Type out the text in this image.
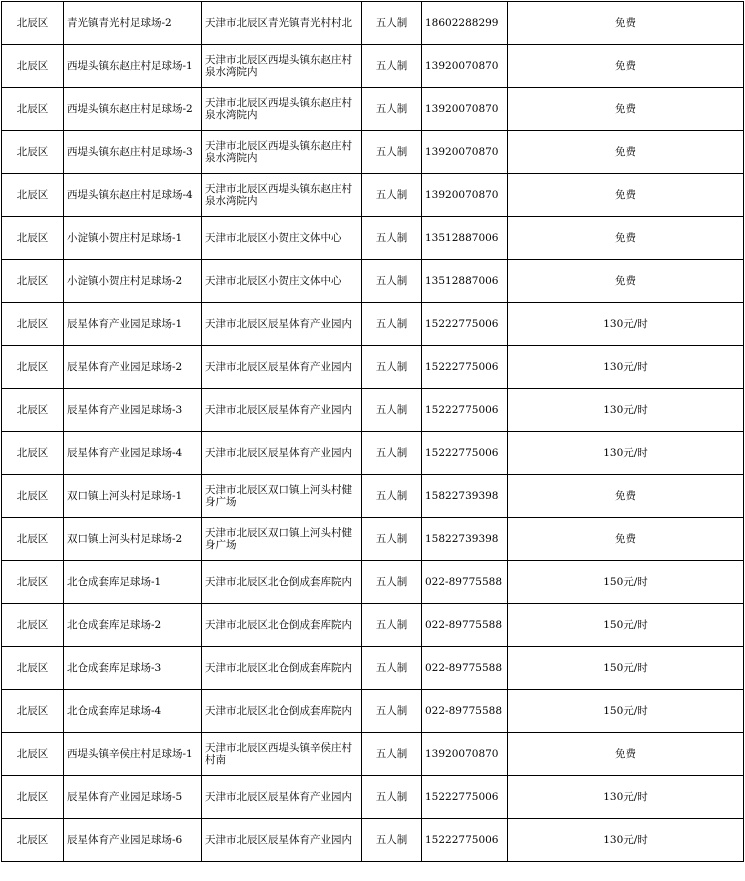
北辰区	青光镇青光村足球场-2	天津市北辰区青光镇青光村村北	五人制	18602288299	免费
北辰区	西堤头镇东赵庄村足球场-1	天津市北辰区西堤头镇东赵庄村泉水湾院内	五人制	13920070870	免费
北辰区	西堤头镇东赵庄村足球场-2	天津市北辰区西堤头镇东赵庄村泉水湾院内	五人制	13920070870	免费
北辰区	西堤头镇东赵庄村足球场-3	天津市北辰区西堤头镇东赵庄村泉水湾院内	五人制	13920070870	免费
北辰区	西堤头镇东赵庄村足球场-4	天津市北辰区西堤头镇东赵庄村泉水湾院内	五人制	13920070870	免费
北辰区	小淀镇小贺庄村足球场-1	天津市北辰区小贺庄文体中心	五人制	13512887006	免费
北辰区	小淀镇小贺庄村足球场-2	天津市北辰区小贺庄文体中心	五人制	13512887006	免费
北辰区	辰星体育产业园足球场-1	天津市北辰区辰星体育产业园内	五人制	15222775006	130元/时
北辰区	辰星体育产业园足球场-2	天津市北辰区辰星体育产业园内	五人制	15222775006	130元/时
北辰区	辰星体育产业园足球场-3	天津市北辰区辰星体育产业园内	五人制	15222775006	130元/时
北辰区	辰星体育产业园足球场-4	天津市北辰区辰星体育产业园内	五人制	15222775006	130元/时
北辰区	双口镇上河头村足球场-1	天津市北辰区双口镇上河头村健身广场	五人制	15822739398	免费
北辰区	双口镇上河头村足球场-2	天津市北辰区双口镇上河头村健身广场	五人制	15822739398	免费
北辰区	北仓成套库足球场-1	天津市北辰区北仓倒成套库院内	五人制	022-89775588	150元/时
北辰区	北仓成套库足球场-2	天津市北辰区北仓倒成套库院内	五人制	022-89775588	150元/时
北辰区	北仓成套库足球场-3	天津市北辰区北仓倒成套库院内	五人制	022-89775588	150元/时
北辰区	北仓成套库足球场-4	天津市北辰区北仓倒成套库院内	五人制	022-89775588	150元/时
北辰区	西堤头镇辛侯庄村足球场-1	天津市北辰区西堤头镇辛侯庄村村南	五人制	13920070870	免费
北辰区	辰星体育产业园足球场-5	天津市北辰区辰星体育产业园内	五人制	15222775006	130元/时
北辰区	辰星体育产业园足球场-6	天津市北辰区辰星体育产业园内	五人制	15222775006	130元/时
